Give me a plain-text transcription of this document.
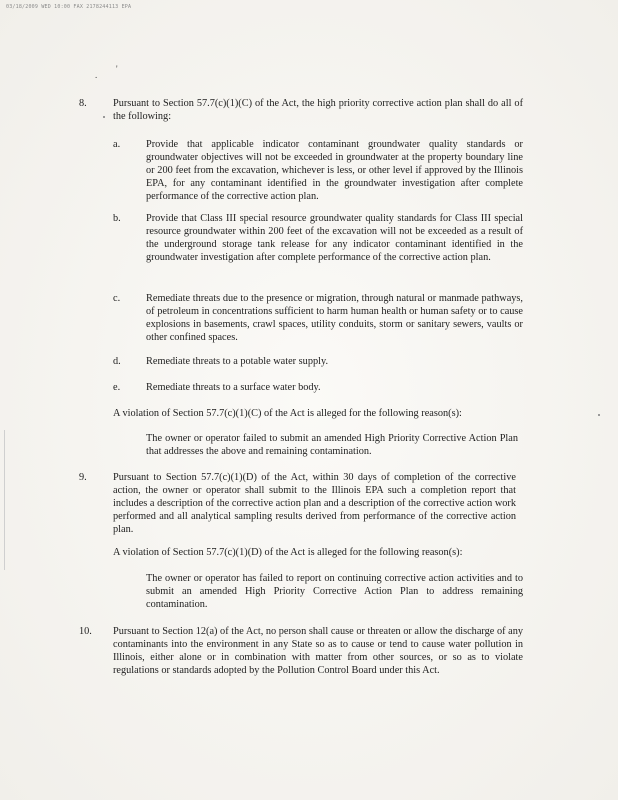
03/18/2009 WED 10:00 FAX 2178244113 EPA
'
.
8.	Pursuant to Section 57.7(c)(1)(C) of the Act, the high priority corrective action plan shall do all of the following:
a.	Provide that applicable indicator contaminant groundwater quality standards or groundwater objectives will not be exceeded in groundwater at the property boundary line or 200 feet from the excavation, whichever is less, or other level if approved by the Illinois EPA, for any contaminant identified in the groundwater investigation after complete performance of the corrective action plan.
b. Provide that Class III special resource groundwater quality standards for Class III special resource groundwater within 200 feet of the excavation will not be exceeded as a result of the underground storage tank release for any indicator contaminant identified in the groundwater investigation after complete performance of the corrective action plan.
c.	Remediate threats due to the presence or migration, through natural or manmade pathways, of petroleum in concentrations sufficient to harm human health or human safety or to cause explosions in basements, crawl spaces, utility conduits, storm or sanitary sewers, vaults or other confined spaces.
d. Remediate threats to a potable water supply.
e.	Remediate threats to a surface water body.
A violation of Section 57.7(c)(1)(C) of the Act is alleged for the following reason(s):
The owner or operator failed to submit an amended High Priority Corrective Action Plan that addresses the above and remaining contamination.
9.	Pursuant to Section 57.7(c)(1)(D) of the Act, within 30 days of completion of the corrective action, the owner or operator shall submit to the Illinois EPA such a completion report that includes a description of the corrective action plan and a description of the corrective action work performed and all analytical sampling results derived from performance of the corrective action plan.
A violation of Section 57.7(c)(1)(D) of the Act is alleged for the following reason(s):
The owner or operator has failed to report on continuing corrective action activities and to submit an amended High Priority Corrective Action Plan to address remaining contamination.
10. Pursuant to Section 12(a) of the Act, no person shall cause or threaten or allow the discharge of any contaminants into the environment in any State so as to cause or tend to cause water pollution in Illinois, either alone or in combination with matter from other sources, or so as to violate regulations or standards adopted by the Pollution Control Board under this Act.
